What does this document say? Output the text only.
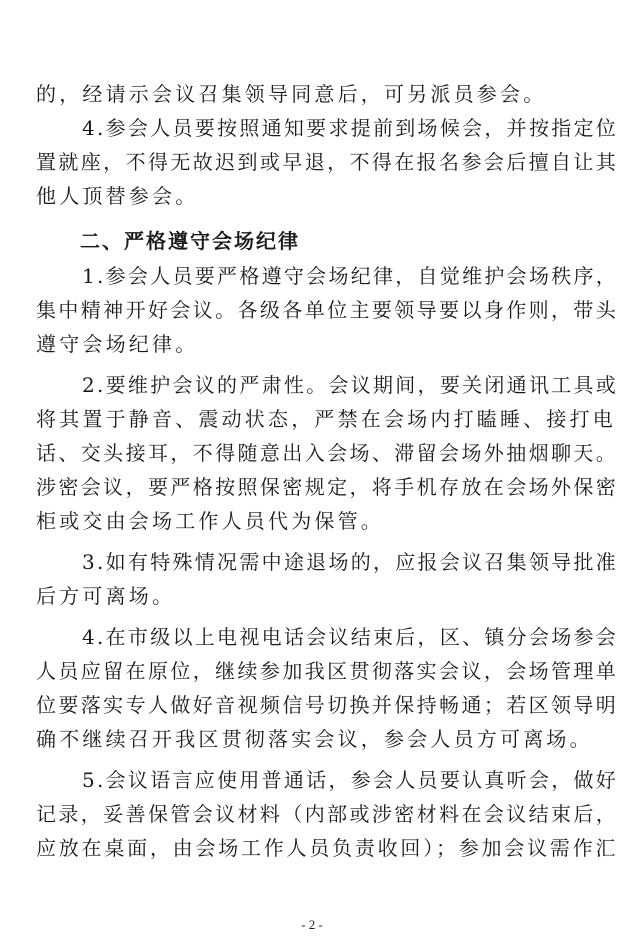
的，经请示会议召集领导同意后，可另派员参会。
4.参会人员要按照通知要求提前到场候会，并按指定位
置就座，不得无故迟到或早退，不得在报名参会后擅自让其
他人顶替参会。
二、严格遵守会场纪律
1.参会人员要严格遵守会场纪律，自觉维护会场秩序，
集中精神开好会议。各级各单位主要领导要以身作则，带头
遵守会场纪律。
2.要维护会议的严肃性。会议期间，要关闭通讯工具或
将其置于静音、震动状态，严禁在会场内打瞌睡、接打电
话、交头接耳，不得随意出入会场、滞留会场外抽烟聊天。
涉密会议，要严格按照保密规定，将手机存放在会场外保密
柜或交由会场工作人员代为保管。
3.如有特殊情况需中途退场的，应报会议召集领导批准
后方可离场。
4.在市级以上电视电话会议结束后，区、镇分会场参会
人员应留在原位，继续参加我区贯彻落实会议，会场管理单
位要落实专人做好音视频信号切换并保持畅通；若区领导明
确不继续召开我区贯彻落实会议，参会人员方可离场。
5.会议语言应使用普通话，参会人员要认真听会，做好
记录，妥善保管会议材料（内部或涉密材料在会议结束后，
应放在桌面，由会场工作人员负责收回）；参加会议需作汇
- 2 -
